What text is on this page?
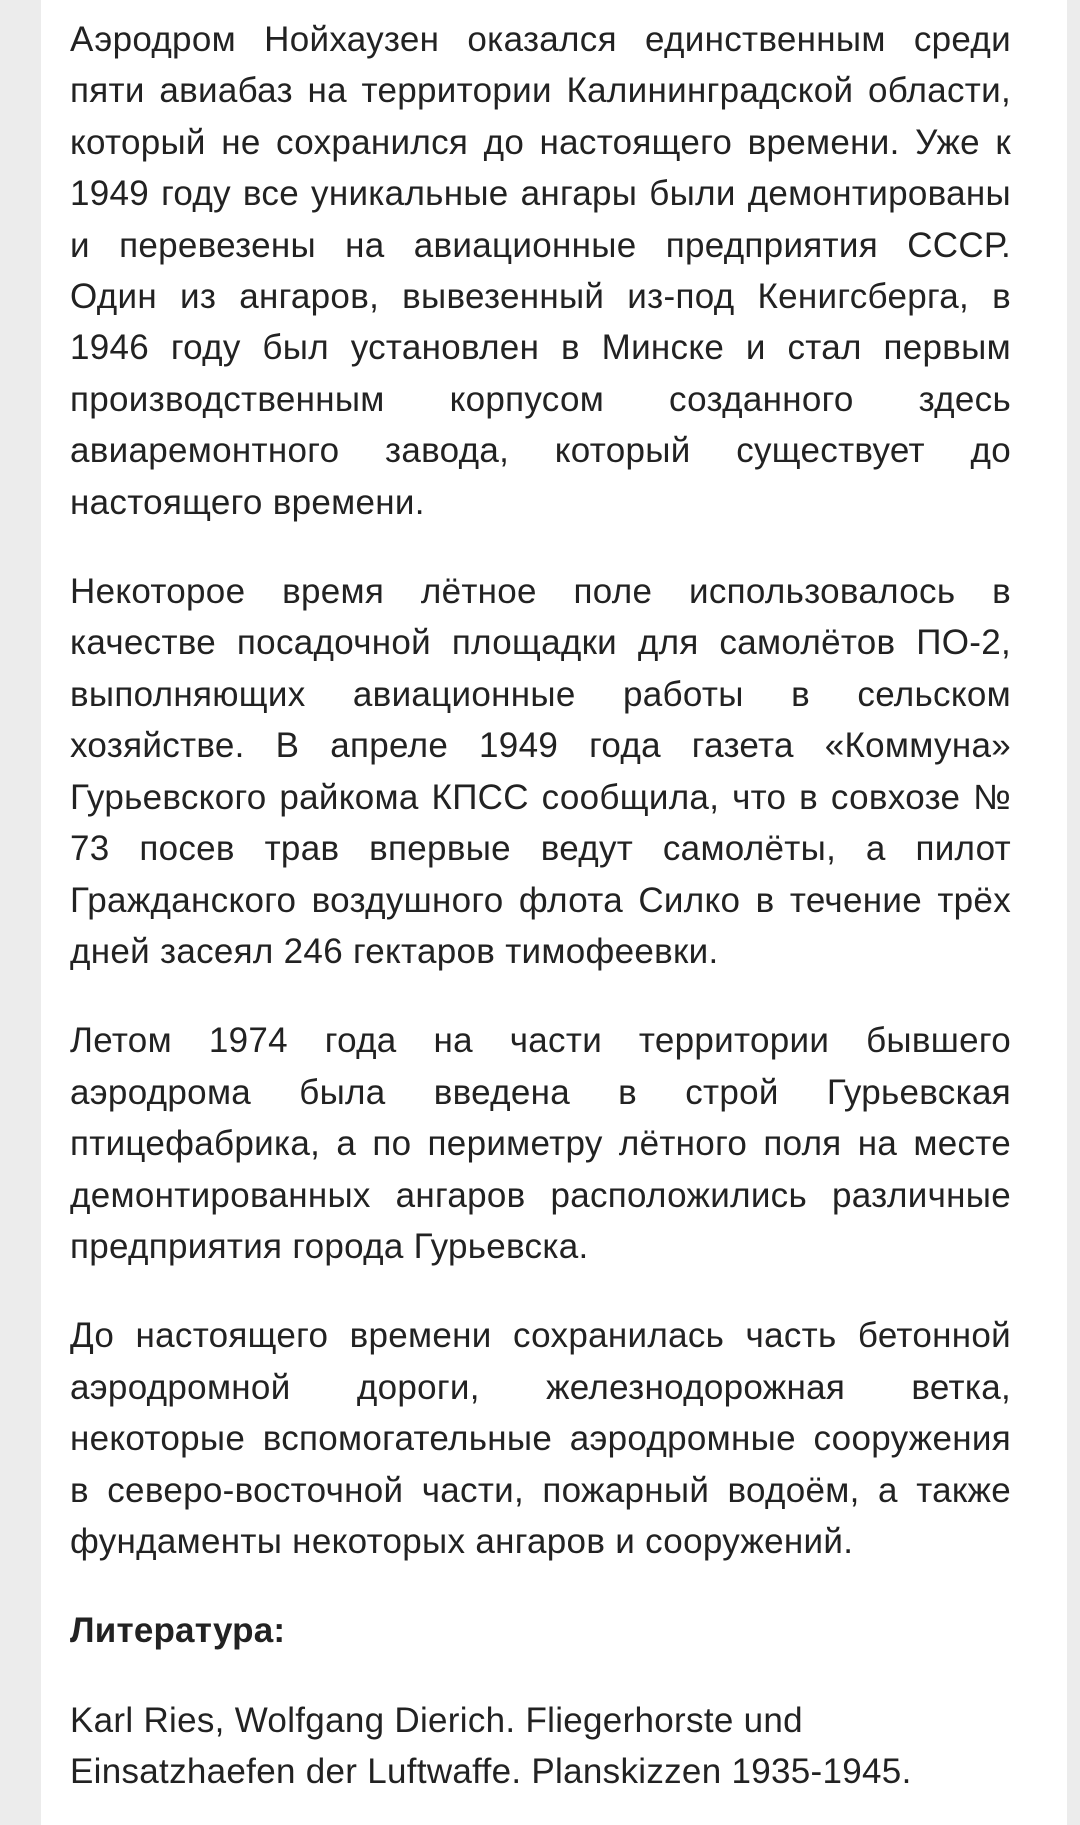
Аэродром Нойхаузен оказался единственным среди пяти авиабаз на территории Калининградской области, который не сохранился до настоящего времени. Уже к 1949 году все уникальные ангары были демонтированы и перевезены на авиационные предприятия СССР. Один из ангаров, вывезенный из-под Кенигсберга, в 1946 году был установлен в Минске и стал первым производственным корпусом созданного здесь авиаремонтного завода, который существует до настоящего времени.

Некоторое время лётное поле использовалось в качестве посадочной площадки для самолётов ПО-2, выполняющих авиационные работы в сельском хозяйстве. В апреле 1949 года газета «Коммуна» Гурьевского райкома КПСС сообщила, что в совхозе № 73 посев трав впервые ведут самолёты, а пилот Гражданского воздушного флота Силко в течение трёх дней засеял 246 гектаров тимофеевки.

Летом 1974 года на части территории бывшего аэродрома была введена в строй Гурьевская птицефабрика, а по периметру лётного поля на месте демонтированных ангаров расположились различные предприятия города Гурьевска.

До настоящего времени сохранилась часть бетонной аэродромной дороги, железнодорожная ветка, некоторые вспомогательные аэродромные сооружения в северо-восточной части, пожарный водоём, а также фундаменты некоторых ангаров и сооружений.

Литература:

Karl Ries, Wolfgang Dierich. Fliegerhorste und Einsatzhaefen der Luftwaffe. Planskizzen 1935-1945.
